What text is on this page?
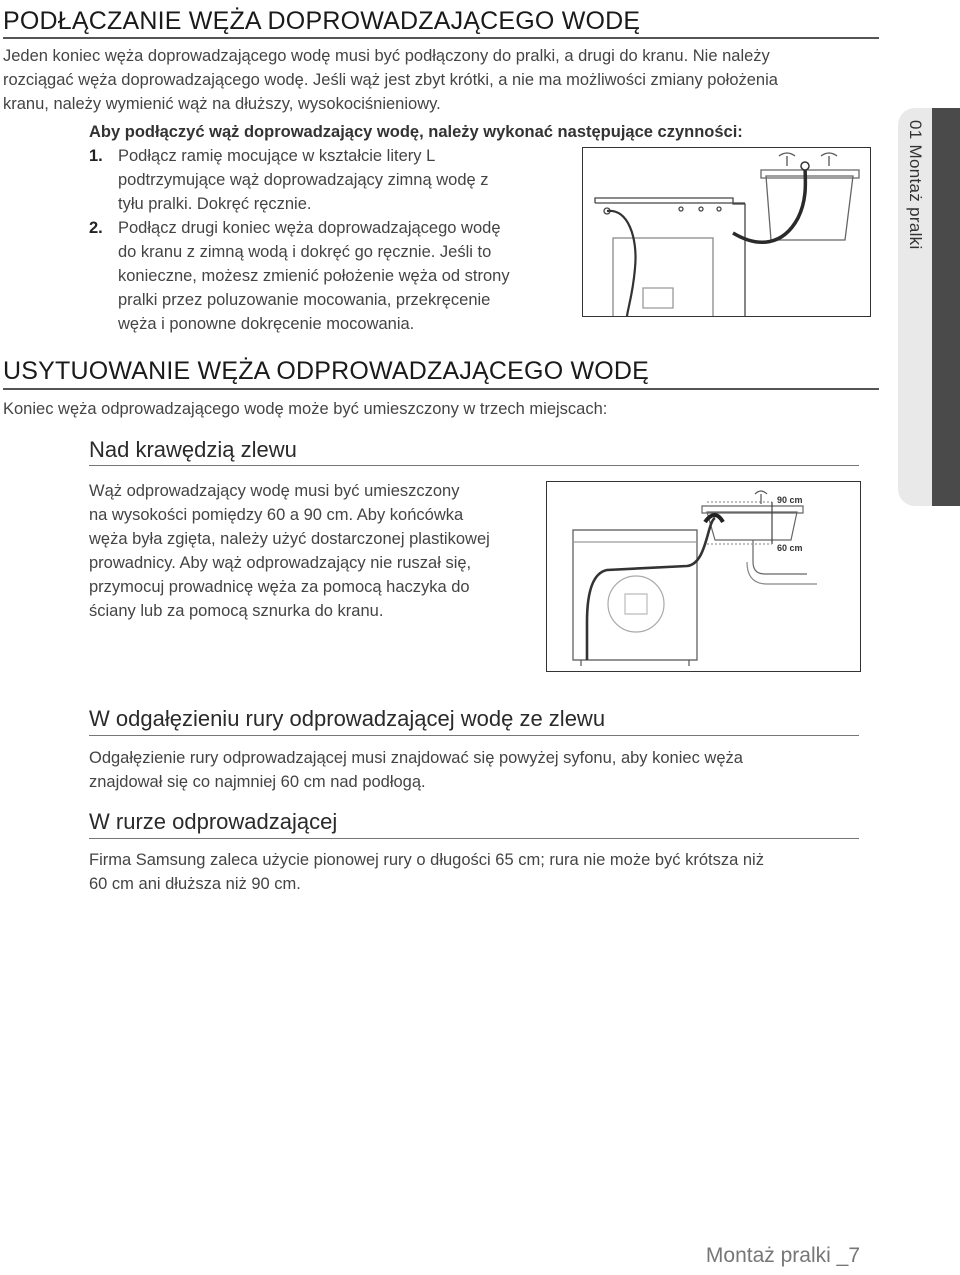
PODŁĄCZANIE WĘŻA DOPROWADZAJĄCEGO WODĘ
Jeden koniec węża doprowadzającego wodę musi być podłączony do pralki, a drugi do kranu. Nie należy
rozciągać węża doprowadzającego wodę. Jeśli wąż jest zbyt krótki, a nie ma możliwości zmiany położenia
kranu, należy wymienić wąż na dłuższy, wysokociśnieniowy.
Aby podłączyć wąż doprowadzający wodę, należy wykonać następujące czynności:
1. Podłącz ramię mocujące w kształcie litery L
podtrzymujące wąż doprowadzający zimną wodę z
tyłu pralki. Dokręć ręcznie.
2. Podłącz drugi koniec węża doprowadzającego wodę
do kranu z zimną wodą i dokręć go ręcznie. Jeśli to
konieczne, możesz zmienić położenie węża od strony
pralki przez poluzowanie mocowania, przekręcenie
węża i ponowne dokręcenie mocowania.
01 Montaż pralki
USYTUOWANIE WĘŻA ODPROWADZAJĄCEGO WODĘ
Koniec węża odprowadzającego wodę może być umieszczony w trzech miejscach:
Nad krawędzią zlewu
Wąż odprowadzający wodę musi być umieszczony
na wysokości pomiędzy 60 a 90 cm. Aby końcówka
węża była zgięta, należy użyć dostarczonej plastikowej
prowadnicy. Aby wąż odprowadzający nie ruszał się,
przymocuj prowadnicę węża za pomocą haczyka do
ściany lub za pomocą sznurka do kranu.
90 cm
60 cm
W odgałęzieniu rury odprowadzającej wodę ze zlewu
Odgałęzienie rury odprowadzającej musi znajdować się powyżej syfonu, aby koniec węża
znajdował się co najmniej 60 cm nad podłogą.
W rurze odprowadzającej
Firma Samsung zaleca użycie pionowej rury o długości 65 cm; rura nie może być krótsza niż
60 cm ani dłuższa niż 90 cm.
Montaż pralki _7
